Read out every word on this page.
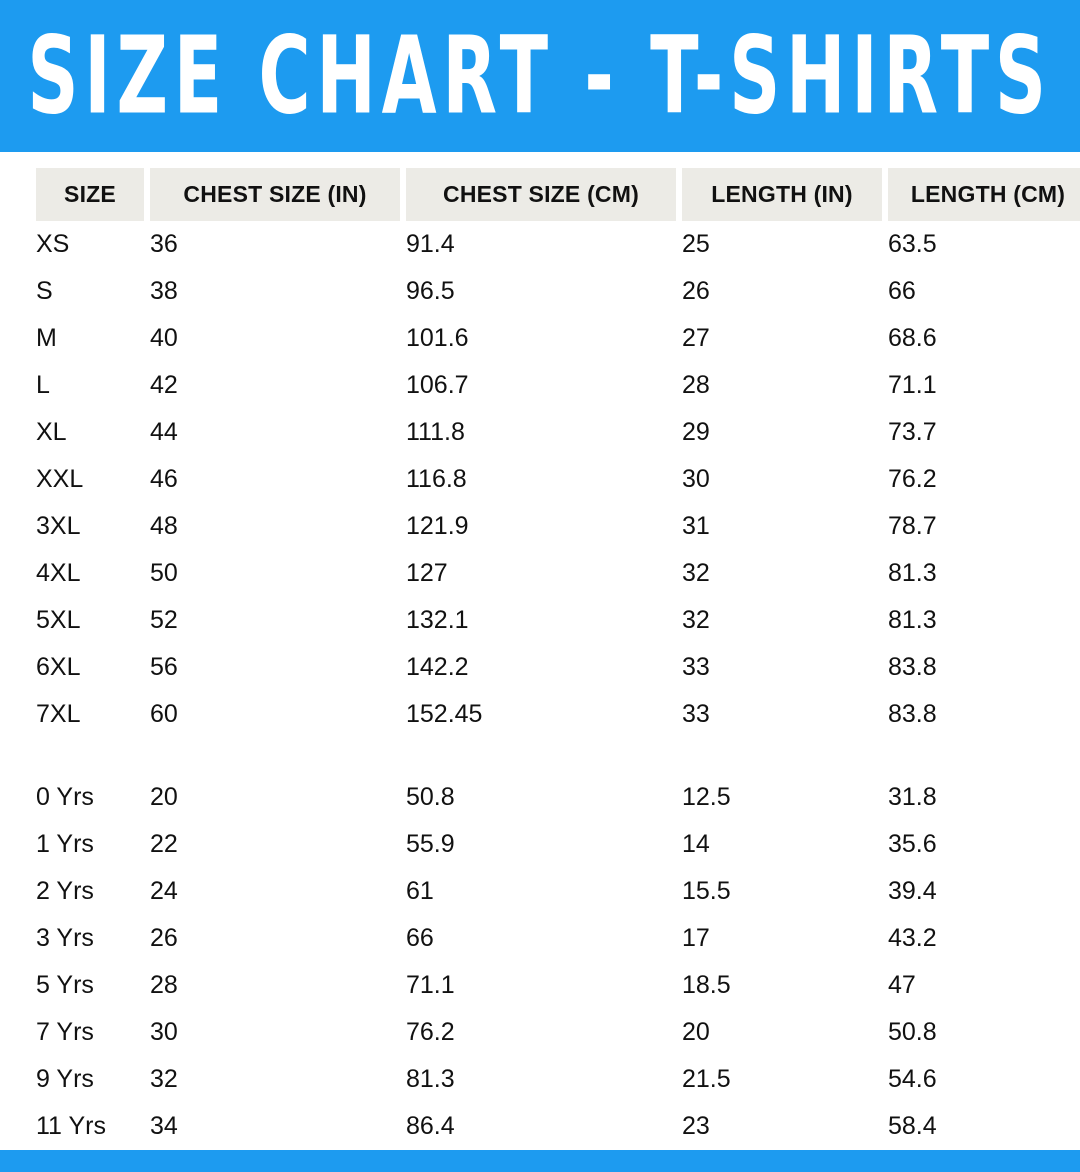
SIZE CHART - T-SHIRTS
SIZE	CHEST SIZE (IN)	CHEST SIZE (CM)	LENGTH (IN)	LENGTH (CM)
XS	36	91.4	25	63.5
S	38	96.5	26	66
M	40	101.6	27	68.6
L	42	106.7	28	71.1
XL	44	111.8	29	73.7
XXL	46	116.8	30	76.2
3XL	48	121.9	31	78.7
4XL	50	127	32	81.3
5XL	52	132.1	32	81.3
6XL	56	142.2	33	83.8
7XL	60	152.45	33	83.8

0 Yrs	20	50.8	12.5	31.8
1 Yrs	22	55.9	14	35.6
2 Yrs	24	61	15.5	39.4
3 Yrs	26	66	17	43.2
5 Yrs	28	71.1	18.5	47
7 Yrs	30	76.2	20	50.8
9 Yrs	32	81.3	21.5	54.6
11 Yrs	34	86.4	23	58.4
